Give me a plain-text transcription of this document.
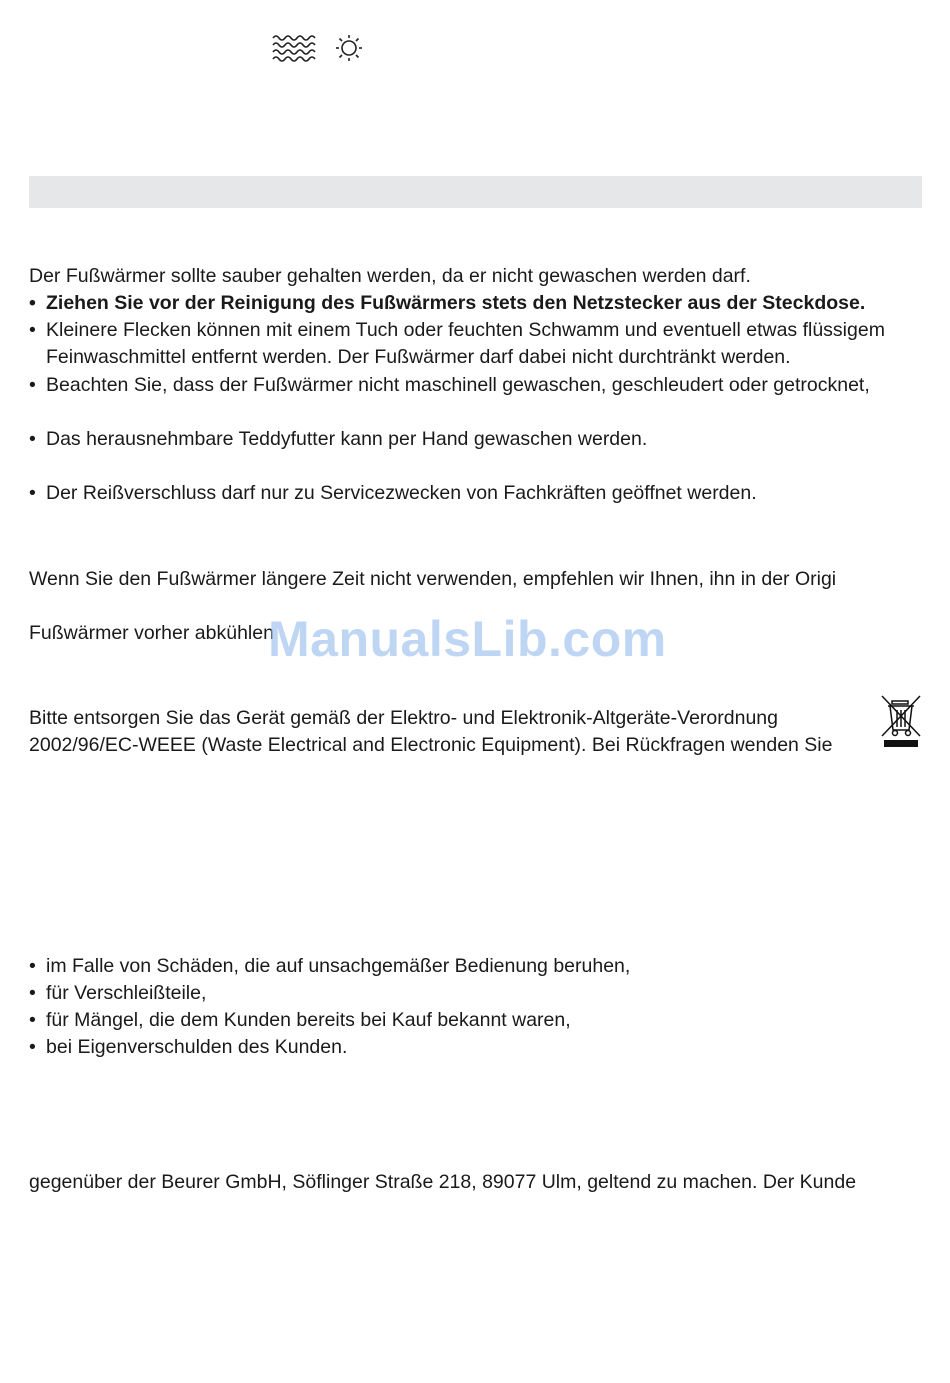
Der Fußwärmer sollte sauber gehalten werden, da er nicht gewaschen werden darf.
• Ziehen Sie vor der Reinigung des Fußwärmers stets den Netzstecker aus der Steckdose.
• Kleinere Flecken können mit einem Tuch oder feuchten Schwamm und eventuell etwas flüssigem
Feinwaschmittel entfernt werden. Der Fußwärmer darf dabei nicht durchtränkt werden.
• Beachten Sie, dass der Fußwärmer nicht maschinell gewaschen, geschleudert oder getrocknet,
• Das herausnehmbare Teddyfutter kann per Hand gewaschen werden.
• Der Reißverschluss darf nur zu Servicezwecken von Fachkräften geöffnet werden.
Wenn Sie den Fußwärmer längere Zeit nicht verwenden, empfehlen wir Ihnen, ihn in der Origi
Fußwärmer vorher abkühlen
ManualsLib.com
Bitte entsorgen Sie das Gerät gemäß der Elektro- und Elektronik-Altgeräte-Verordnung
2002/96/EC-WEEE (Waste Electrical and Electronic Equipment). Bei Rückfragen wenden Sie
• im Falle von Schäden, die auf unsachgemäßer Bedienung beruhen,
• für Verschleißteile,
• für Mängel, die dem Kunden bereits bei Kauf bekannt waren,
• bei Eigenverschulden des Kunden.
gegenüber der Beurer GmbH, Söflinger Straße 218, 89077 Ulm, geltend zu machen. Der Kunde
